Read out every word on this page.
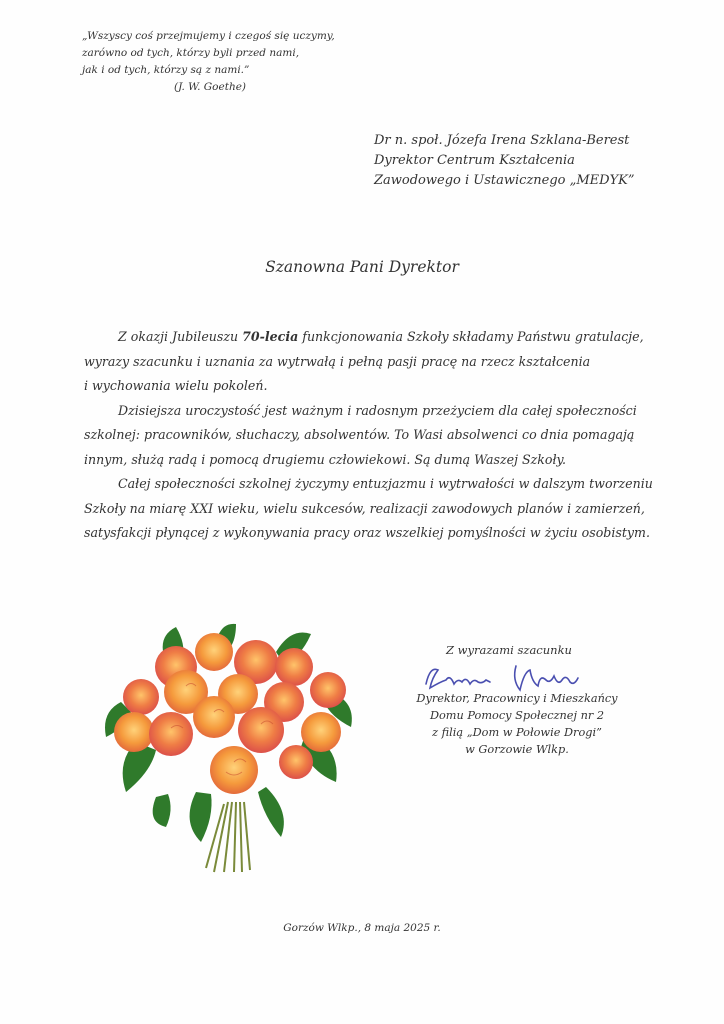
„Wszyscy coś przejmujemy i czegoś się uczymy,
zarówno od tych, którzy byli przed nami,
jak i od tych, którzy są z nami.”
(J. W. Goethe)
Dr n. społ. Józefa Irena Szklana-Berest
Dyrektor Centrum Kształcenia
Zawodowego i Ustawicznego „MEDYK”
Szanowna Pani Dyrektor
Z okazji Jubileuszu 70-lecia funkcjonowania Szkoły składamy Państwu gratulacje,
wyrazy szacunku i uznania za wytrwałą i pełną pasji pracę na rzecz kształcenia
i wychowania wielu pokoleń.
Dzisiejsza uroczystość jest ważnym i radosnym przeżyciem dla całej społeczności
szkolnej: pracowników, słuchaczy, absolwentów. To Wasi absolwenci co dnia pomagają
innym, służą radą i pomocą drugiemu człowiekowi. Są dumą Waszej Szkoły.
Całej społeczności szkolnej życzymy entuzjazmu i wytrwałości w dalszym tworzeniu
Szkoły na miarę XXI wieku, wielu sukcesów, realizacji zawodowych planów i zamierzeń,
satysfakcji płynącej z wykonywania pracy oraz wszelkiej pomyślności w życiu osobistym.
Z wyrazami szacunku
Dyrektor, Pracownicy i Mieszkańcy
Domu Pomocy Społecznej nr 2
z filią „Dom w Połowie Drogi”
w Gorzowie Wlkp.
Gorzów Wlkp., 8 maja 2025 r.
